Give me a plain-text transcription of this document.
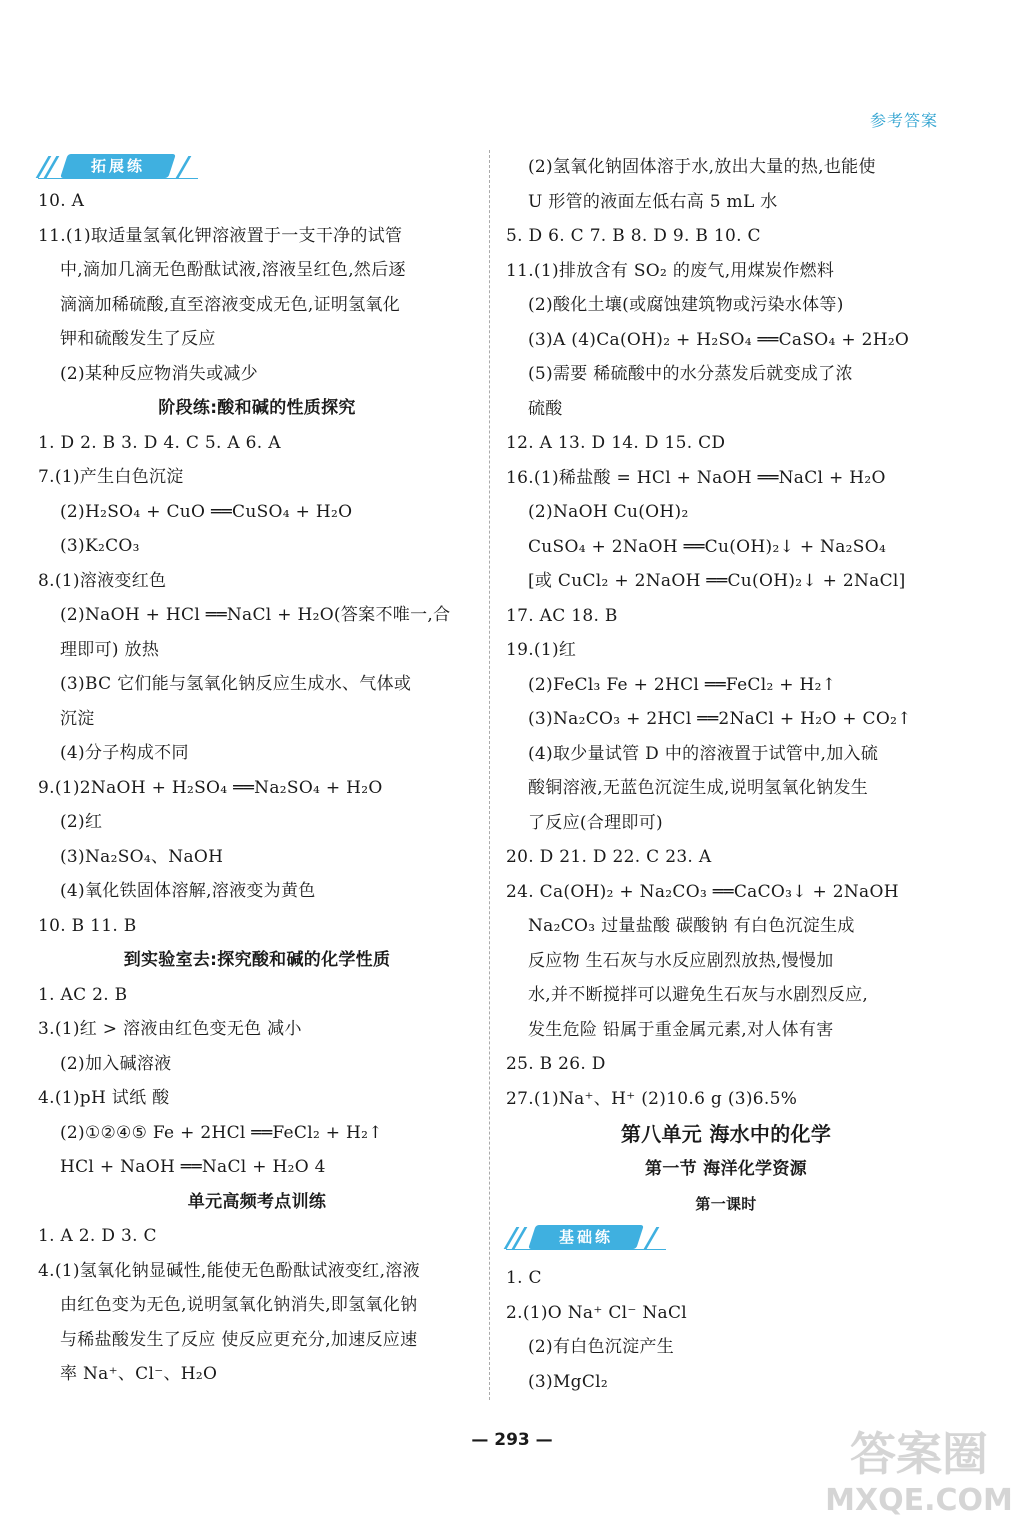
参考答案
拓展练
10. A
11.(1)取适量氢氧化钾溶液置于一支干净的试管
中,滴加几滴无色酚酞试液,溶液呈红色,然后逐
滴滴加稀硫酸,直至溶液变成无色,证明氢氧化
钾和硫酸发生了反应
(2)某种反应物消失或减少
阶段练:酸和碱的性质探究
1. D 2. B 3. D 4. C 5. A 6. A
7.(1)产生白色沉淀
(2)H₂SO₄ + CuO ══CuSO₄ + H₂O
(3)K₂CO₃
8.(1)溶液变红色
(2)NaOH + HCl ══NaCl + H₂O(答案不唯一,合
理即可) 放热
(3)BC 它们能与氢氧化钠反应生成水、气体或
沉淀
(4)分子构成不同
9.(1)2NaOH + H₂SO₄ ══Na₂SO₄ + H₂O
(2)红
(3)Na₂SO₄、NaOH
(4)氧化铁固体溶解,溶液变为黄色
10. B 11. B
到实验室去:探究酸和碱的化学性质
1. AC 2. B
3.(1)红 > 溶液由红色变无色 减小
(2)加入碱溶液
4.(1)pH 试纸 酸
(2)①②④⑤ Fe + 2HCl ══FeCl₂ + H₂↑
HCl + NaOH ══NaCl + H₂O 4
单元高频考点训练
1. A 2. D 3. C
4.(1)氢氧化钠显碱性,能使无色酚酞试液变红,溶液
由红色变为无色,说明氢氧化钠消失,即氢氧化钠
与稀盐酸发生了反应 使反应更充分,加速反应速
率 Na⁺、Cl⁻、H₂O
(2)氢氧化钠固体溶于水,放出大量的热,也能使
U 形管的液面左低右高 5 mL 水
5. D 6. C 7. B 8. D 9. B 10. C
11.(1)排放含有 SO₂ 的废气,用煤炭作燃料
(2)酸化土壤(或腐蚀建筑物或污染水体等)
(3)A (4)Ca(OH)₂ + H₂SO₄ ══CaSO₄ + 2H₂O
(5)需要 稀硫酸中的水分蒸发后就变成了浓
硫酸
12. A 13. D 14. D 15. CD
16.(1)稀盐酸 = HCl + NaOH ══NaCl + H₂O
(2)NaOH Cu(OH)₂
CuSO₄ + 2NaOH ══Cu(OH)₂↓ + Na₂SO₄
[或 CuCl₂ + 2NaOH ══Cu(OH)₂↓ + 2NaCl]
17. AC 18. B
19.(1)红
(2)FeCl₃ Fe + 2HCl ══FeCl₂ + H₂↑
(3)Na₂CO₃ + 2HCl ══2NaCl + H₂O + CO₂↑
(4)取少量试管 D 中的溶液置于试管中,加入硫
酸铜溶液,无蓝色沉淀生成,说明氢氧化钠发生
了反应(合理即可)
20. D 21. D 22. C 23. A
24. Ca(OH)₂ + Na₂CO₃ ══CaCO₃↓ + 2NaOH
Na₂CO₃ 过量盐酸 碳酸钠 有白色沉淀生成
反应物 生石灰与水反应剧烈放热,慢慢加
水,并不断搅拌可以避免生石灰与水剧烈反应,
发生危险 铅属于重金属元素,对人体有害
25. B 26. D
27.(1)Na⁺、H⁺ (2)10.6 g (3)6.5%
第八单元 海水中的化学
第一节 海洋化学资源
第一课时
基础练
1. C
2.(1)O Na⁺ Cl⁻ NaCl
(2)有白色沉淀产生
(3)MgCl₂
— 293 —	答案圈
MXQE.COM
